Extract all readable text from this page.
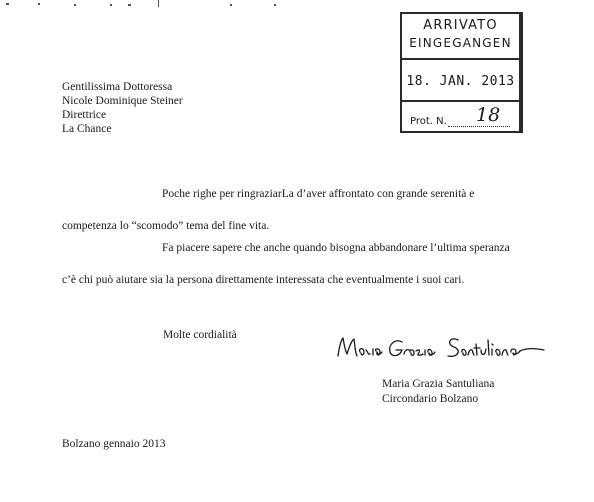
ARRIVATO
EINGEGANGEN
18. JAN. 2013
Prot. N. 18
Gentilissima Dottoressa
Nicole Dominique Steiner
Direttrice
La Chance
Poche righe per ringraziarLa d’aver affrontato con grande serenità e
competenza lo “scomodo” tema del fine vita.
Fa piacere sapere che anche quando bisogna abbandonare l’ultima speranza
c’è chi può aiutare sia la persona direttamente interessata che eventualmente i suoi cari.
Molte cordialità
Maria Grazia Santuliana
Circondario Bolzano
Bolzano gennaio 2013
